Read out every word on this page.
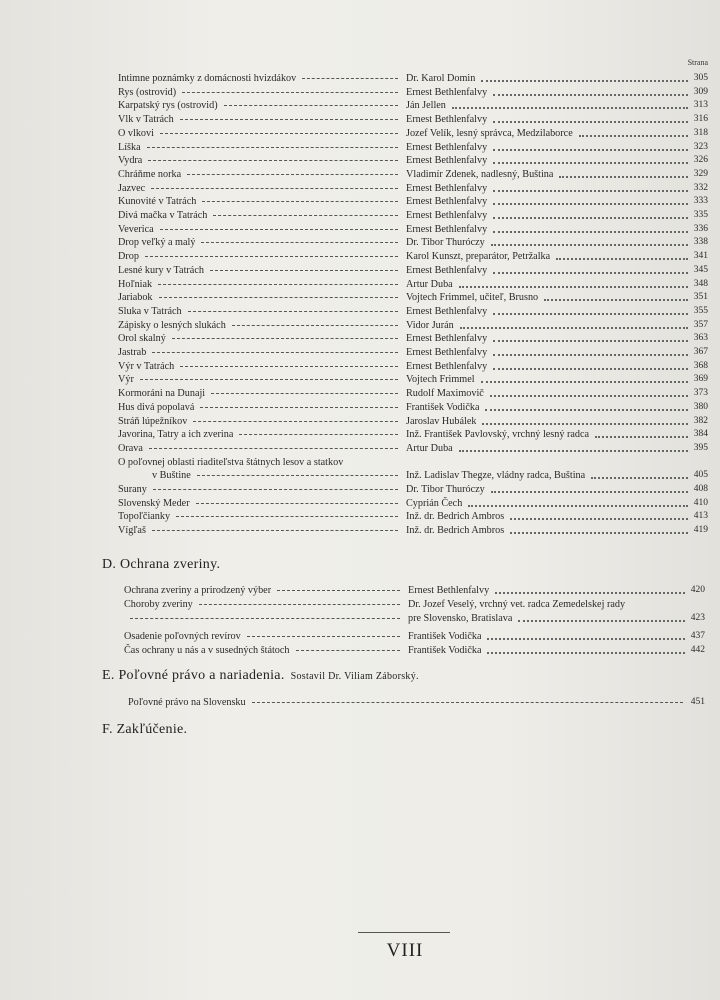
Strana
Intimne poznámky z domácnosti hvizdákov	Dr. Karol Domin	305
Rys (ostrovid)	Ernest Bethlenfalvy	309
Karpatský rys (ostrovid)	Ján Jellen	313
Vlk v Tatrách	Ernest Bethlenfalvy	316
O vlkovi	Jozef Velík, lesný správca, Medzilaborce	318
Líška	Ernest Bethlenfalvy	323
Vydra	Ernest Bethlenfalvy	326
Chráňme norka	Vladimír Zdenek, nadlesný, Buština	329
Jazvec	Ernest Bethlenfalvy	332
Kunovité v Tatrách	Ernest Bethlenfalvy	333
Divá mačka v Tatrách	Ernest Bethlenfalvy	335
Veverica	Ernest Bethlenfalvy	336
Drop veľký a malý	Dr. Tibor Thuróczy	338
Drop	Karol Kunszt, preparátor, Petržalka	341
Lesné kury v Tatrách	Ernest Bethlenfalvy	345
Hoľniak	Artur Duba	348
Jariabok	Vojtech Frimmel, učiteľ, Brusno	351
Sluka v Tatrách	Ernest Bethlenfalvy	355
Zápisky o lesných slukách	Vidor Jurán	357
Orol skalný	Ernest Bethlenfalvy	363
Jastrab	Ernest Bethlenfalvy	367
Výr v Tatrách	Ernest Bethlenfalvy	368
Výr	Vojtech Frimmel	369
Kormoráni na Dunaji	Rudolf Maximovič	373
Hus divá popolavá	František Vodička	380
Stráň lúpežníkov	Jaroslav Hubálek	382
Javorina, Tatry a ich zverina	Inž. František Pavlovský, vrchný lesný radca	384
Orava	Artur Duba	395
O poľovnej oblasti riaditeľstva štátnych lesov a statkov
v Buštine	Inž. Ladislav Thegze, vládny radca, Buština	405
Surany	Dr. Tibor Thuróczy	408
Slovenský Meder	Cyprián Čech	410
Topoľčianky	Inž. dr. Bedrich Ambros	413
Vígľaš	Inž. dr. Bedrich Ambros	419
D. Ochrana zveriny.
Ochrana zveriny a prirodzený výber	Ernest Bethlenfalvy	420
Choroby zveriny	Dr. Jozef Veselý, vrchný vet. radca Zemedelskej rady
pre Slovensko, Bratislava	423
Osadenie poľovných revírov	František Vodička	437
Čas ochrany u nás a v susedných štátoch	František Vodička	442
E. Poľovné právo a nariadenia. Sostavil Dr. Viliam Záborský.
Poľovné právo na Slovensku	451
F. Zakľúčenie.
VIII
